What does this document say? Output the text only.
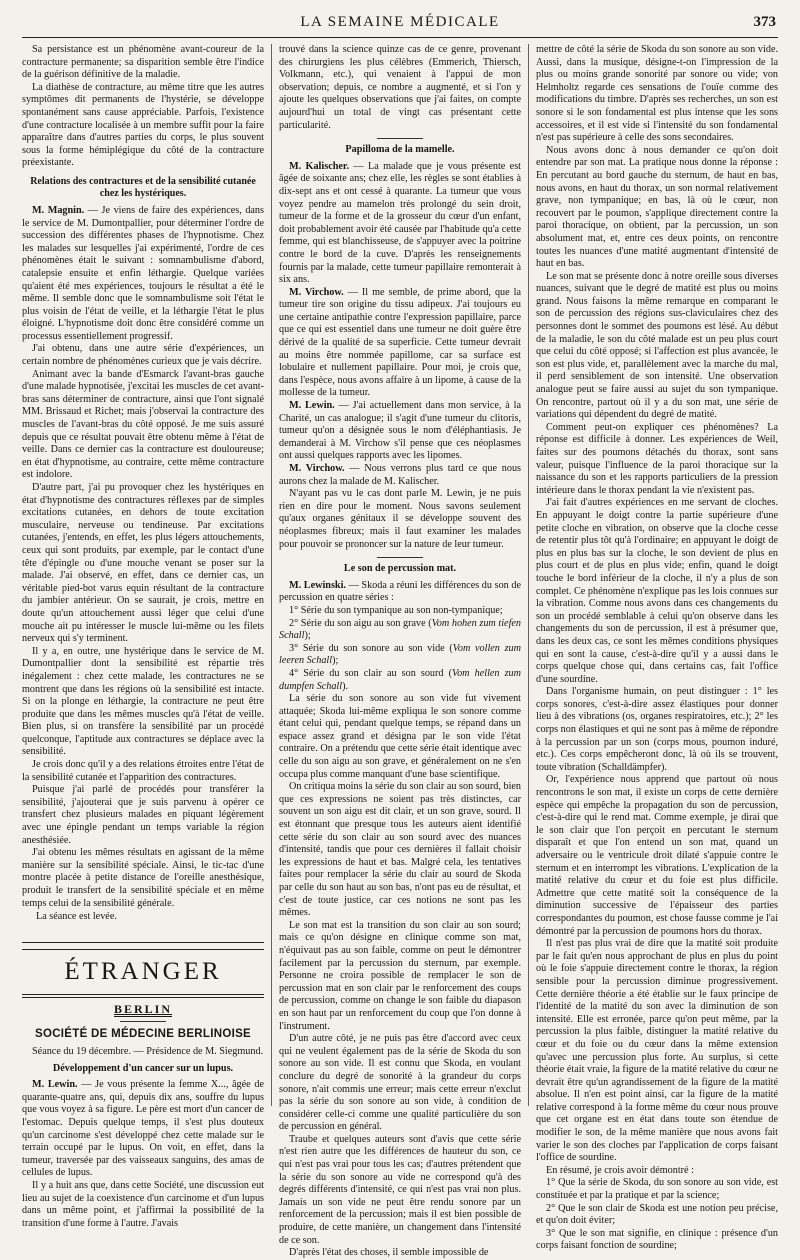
LA SEMAINE MÉDICALE	373

Sa persistance est un phénomène avant-coureur de la contracture permanente; sa disparition semble être l'indice de la guérison définitive de la maladie.

La diathèse de contracture, au même titre que les autres symptômes dit permanents de l'hystérie, se développe spontanément sans cause appréciable. Parfois, l'existence d'une contracture localisée à un membre suffit pour la faire apparaître dans d'autres parties du corps, le plus souvent sous la forme hémiplégique du côté de la contracture préexistante.

Relations des contractures et de la sensibilité cutanée chez les hystériques.

M. Magnin. — Je viens de faire des expériences, dans le service de M. Dumontpallier, pour déterminer l'ordre de succession des différentes phases de l'hypnotisme. Chez les malades sur lesquelles j'ai expérimenté, l'ordre de ces phénomènes était le suivant : somnambulisme d'abord, catalepsie ensuite et enfin léthargie. Quelque variées qu'aient été mes expériences, toujours le résultat a été le même. Il semble donc que le somnambulisme soit l'état le plus voisin de l'état de veille, et la léthargie l'état le plus éloigné. L'hypnotisme doit donc être considéré comme un processus essentiellement progressif.

J'ai obtenu, dans une autre série d'expériences, un certain nombre de phénomènes curieux que je vais décrire.

Animant avec la bande d'Esmarck l'avant-bras gauche d'une malade hypnotisée, j'excitai les muscles de cet avant-bras sans déterminer de contracture, ainsi que l'ont signalé MM. Brissaud et Richet; mais j'observai la contracture des muscles de l'avant-bras du côté opposé. Je me suis assuré depuis que ce résultat pouvait être obtenu même à l'état de veille. Dans ce dernier cas la contracture est douloureuse; en état d'hypnotisme, au contraire, cette même contracture est indolore.

D'autre part, j'ai pu provoquer chez les hystériques en état d'hypnotisme des contractures réflexes par de simples excitations cutanées, en dehors de toute excitation musculaire, nerveuse ou tendineuse. Par excitations cutanées, j'entends, en effet, les plus légers attouchements, ceux qui sont produits, par exemple, par le contact d'une tête d'épingle ou d'une mouche venant se poser sur la malade. J'ai observé, en effet, dans ce dernier cas, un véritable pied-bot varus equin résultant de la contracture du jambier antérieur. On se saurait, je crois, mettre en doute qu'un attouchement aussi léger que celui d'une mouche ait pu intéresser le muscle lui-même ou les filets nerveux qui s'y terminent.

Il y a, en outre, une hystérique dans le service de M. Dumontpallier dont la sensibilité est répartie très inégalement : chez cette malade, les contractures ne se montrent que dans les régions où la sensibilité est intacte. Si on la plonge en léthargie, la contracture ne peut être produite que dans les mêmes muscles qu'à l'état de veille. Bien plus, si on transfère la sensibilité par un procédé quelconque, l'aptitude aux contractures se déplace avec la sensibilité.

Je crois donc qu'il y a des relations étroites entre l'état de la sensibilité cutanée et l'apparition des contractures.

Puisque j'ai parlé de procédés pour transférer la sensibilité, j'ajouterai que je suis parvenu à opérer ce transfert chez plusieurs malades en piquant légèrement avec une épingle pendant un temps variable la région anesthésiée.

J'ai obtenu les mêmes résultats en agissant de la même manière sur la sensibilité spéciale. Ainsi, le tic-tac d'une montre placée à petite distance de l'oreille anesthésique, produit le transfert de la sensibilité spéciale et en même temps celui de la sensibilité générale.

La séance est levée.

ÉTRANGER
BERLIN
SOCIÉTÉ DE MÉDECINE BERLINOISE

Séance du 19 décembre. — Présidence de M. Siegmund.

Développement d'un cancer sur un lupus.

M. Lewin. — Je vous présente la femme X..., âgée de quarante-quatre ans, qui, depuis dix ans, souffre du lupus que vous voyez à sa figure. Le père est mort d'un cancer de l'estomac. Depuis quelque temps, il s'est plus douteux qu'un carcinome s'est développé chez cette malade sur le terrain occupé par le lupus. On voit, en effet, dans la tumeur, traversée par des vaisseaux sanguins, des amas de cellules de lupus.

Il y a huit ans que, dans cette Société, une discussion eut lieu au sujet de la coexistence d'un carcinome et d'un lupus dans un même point, et j'affirmai la possibilité de la transition d'une forme à l'autre. J'avais

trouvé dans la science quinze cas de ce genre, provenant des chirurgiens les plus célèbres (Emmerich, Thiersch, Volkmann, etc.), qui venaient à l'appui de mon observation; depuis, ce nombre a augmenté, et si l'on y ajoute les quelques observations que j'ai faites, on compte aujourd'hui un total de vingt cas présentant cette particularité.

Papilloma de la mamelle.

M. Kalischer. — La malade que je vous présente est âgée de soixante ans; chez elle, les règles se sont établies à dix-sept ans et ont cessé à quarante. La tumeur que vous voyez pendre au mamelon très prolongé du sein droit, tumeur de la forme et de la grosseur du cœur d'un enfant, doit probablement avoir été causée par l'habitude qu'a cette femme, qui est blanchisseuse, de s'appuyer avec la poitrine contre le bord de la cuve. D'après les renseignements fournis par la malade, cette tumeur papillaire remonterait à six ans.

M. Virchow. — Il me semble, de prime abord, que la tumeur tire son origine du tissu adipeux. J'ai toujours eu une certaine antipathie contre l'expression papillaire, parce que ce qui est essentiel dans une tumeur ne doit guère être dérivé de la qualité de sa superficie. Cette tumeur devrait au moins être nommée papillome, car sa surface est lobulaire et nullement papillaire. Pour moi, je crois que, dans l'espèce, nous avons affaire à un lipome, à cause de la mollesse de la tumeur.

M. Lewin. — J'ai actuellement dans mon service, à la Charité, un cas analogue; il s'agit d'une tumeur du clitoris, tumeur qu'on a désignée sous le nom d'éléphantiasis. Je demanderai à M. Virchow s'il pense que ces néoplasmes ont aussi quelques rapports avec les lipomes.

M. Virchow. — Nous verrons plus tard ce que nous aurons chez la malade de M. Kalischer.

N'ayant pas vu le cas dont parle M. Lewin, je ne puis rien en dire pour le moment. Nous savons seulement qu'aux organes génitaux il se développe souvent des néoplasmes fibreux; mais il faut examiner les malades pour pouvoir se prononcer sur la nature de leur tumeur.

Le son de percussion mat.

M. Lewinski. — Skoda a réuni les différences du son de percussion en quatre séries :

1° Série du son tympanique au son non-tympanique;
2° Série du son aigu au son grave (Vom hohen zum tiefen Schall);
3° Série du son sonore au son vide (Vom vollen zum leeren Schall);
4° Série du son clair au son sourd (Vom hellen zum dumpfen Schall).

La série du son sonore au son vide fut vivement attaquée; Skoda lui-même expliqua le son sonore comme étant celui qui, pendant quelque temps, se répand dans un espace assez grand et désigna par le son vide l'état contraire. On a prétendu que cette série était identique avec celle du son aigu au son grave, et généralement on ne s'en occupa plus comme manquant d'une base scientifique.

On critiqua moins la série du son clair au son sourd, bien que ces expressions ne soient pas très distinctes, car souvent un son aigu est dit clair, et un son grave, sourd. Il est étonnant que presque tous les auteurs aient identifié cette série du son clair au son sourd avec des nuances d'intensité, tandis que pour ces dernières il fallait choisir les expressions de haut et bas. Malgré cela, les tentatives faites pour remplacer la série du clair au sourd de Skoda par celle du son haut au son bas, n'ont pas eu de résultat, et c'est de toute justice, car ces notions ne sont pas les mêmes.

Le son mat est la transition du son clair au son sourd; mais ce qu'on désigne en clinique comme son mat, n'équivaut pas au son faible, comme on peut le démontrer facilement par la percussion du sternum, par exemple. Personne ne croira possible de remplacer le son de percussion mat en son clair par le renforcement des coups de percussion, comme on change le son faible du diapason en son haut par un renforcement du coup que l'on donne à l'instrument.

D'un autre côté, je ne puis pas être d'accord avec ceux qui ne veulent également pas de la série de Skoda du son sonore au son vide. Il est connu que Skoda, en voulant conclure du degré de sonorité à la grandeur du corps sonore, n'ait commis une erreur; mais cette erreur n'exclut pas la série du son sonore au son vide, à condition de considérer celle-ci comme une qualité particulière du son de percussion en général.

Traube et quelques auteurs sont d'avis que cette série n'est rien autre que les différences de hauteur du son, ce qui n'est pas vrai pour tous les cas; d'autres prétendent que la série du son sonore au vide ne correspond qu'à des degrés différents d'intensité, ce qui n'est pas vrai non plus. Jamais un son vide ne peut être rendu sonore par un renforcement de la percussion; mais il est bien possible de produire, de cette manière, un changement dans l'intensité de ce son.

D'après l'état des choses, il semble impossible de

mettre de côté la série de Skoda du son sonore au son vide. Aussi, dans la musique, désigne-t-on l'impression de la plus ou moins grande sonorité par sonore ou vide; von Helmholtz regarde ces sensations de l'ouïe comme des modifications du timbre. D'après ses recherches, un son est sonore si le son fondamental est plus intense que les sons accessoires, et il est vide si l'intensité du son fondamental n'est pas supérieure à celle des sons secondaires.

Nous avons donc à nous demander ce qu'on doit entendre par son mat. La pratique nous donne la réponse : En percutant au bord gauche du sternum, de haut en bas, nous avons, en haut du thorax, un son normal relativement grave, non tympanique; en bas, là où le cœur, non recouvert par le poumon, s'applique directement contre la paroi thoracique, on obtient, par la percussion, un son absolument mat, et, entre ces deux points, on rencontre toutes les nuances d'une matité augmentant d'intensité de haut en bas.

Le son mat se présente donc à notre oreille sous diverses nuances, suivant que le degré de matité est plus ou moins grand. Nous faisons la même remarque en comparant le son de percussion des régions sus-claviculaires chez des personnes dont le sommet des poumons est lésé. Au début de la maladie, le son du côté malade est un peu plus court que celui du côté opposé; si l'affection est plus avancée, le son est plus vide, et, parallèlement avec la marche du mal, il perd sensiblement de son intensité. Une observation analogue peut se faire aussi au sujet du son tympanique. On rencontre, partout où il y a du son mat, une série de variations qui dépendent du degré de matité.

Comment peut-on expliquer ces phénomènes? La réponse est difficile à donner. Les expériences de Weil, faites sur des poumons détachés du thorax, sont sans valeur, puisque l'influence de la paroi thoracique sur la naissance du son et les rapports particuliers de la pression intérieure dans le thorax pendant la vie n'existent pas.

J'ai fait d'autres expériences en me servant de cloches. En appuyant le doigt contre la partie supérieure d'une petite cloche en vibration, on observe que la cloche cesse de retentir plus tôt qu'à l'ordinaire; en appuyant le doigt de plus en plus bas sur la cloche, le son devient de plus en plus court et de plus en plus vide; enfin, quand le doigt touche le bord inférieur de la cloche, il n'y a plus de son complet. Ce phénomène n'explique pas les lois connues sur la vibration. Comme nous avons dans ces changements du son un procédé semblable à celui qu'on observe dans les changements du son de percussion, il est à présumer que, dans les deux cas, ce sont les mêmes conditions physiques qui en sont la cause, c'est-à-dire qu'il y a aussi dans le corps quelque chose qui, dans certains cas, fait l'office d'une sourdine.

Dans l'organisme humain, on peut distinguer : 1° les corps sonores, c'est-à-dire assez élastiques pour donner lieu à des vibrations (os, organes respiratoires, etc.); 2° les corps non élastiques et qui ne sont pas à même de répondre à la percussion par un son (corps mous, poumon induré, etc.). Ces corps empêcheront donc, là où ils se trouvent, toute vibration (Schalldämpfer).

Or, l'expérience nous apprend que partout où nous rencontrons le son mat, il existe un corps de cette dernière espèce qui empêche la propagation du son de percussion, c'est-à-dire qui le rend mat. Comme exemple, je dirai que le son clair que l'on perçoit en percutant le sternum disparaît et que l'on entend un son mat, quand un adversaire ou le ventricule droit dilaté s'appuie contre le sternum et en interrompt les vibrations. L'explication de la matité relative du cœur et du foie est plus difficile. Admettre que cette matité soit la conséquence de la diminution successive de l'épaisseur des parties correspondantes du poumon, est chose fausse comme je l'ai démontré par la percussion de poumons hors du thorax.

Il n'est pas plus vrai de dire que la matité soit produite par le fait qu'en nous approchant de plus en plus du point où le foie s'appuie directement contre le thorax, la région sensible pour la percussion diminue progressivement. Cette dernière théorie a été établie sur le faux principe de l'identité de la matité du son avec la diminution de son intensité. Elle est erronée, parce qu'on peut même, par la percussion la plus faible, distinguer la matité relative du cœur et du foie ou du cœur dans la même extension qu'avec une percussion plus forte. Au surplus, si cette théorie était vraie, la figure de la matité relative du cœur ne devrait être qu'un agrandissement de la figure de la matité absolue. Il n'en est point ainsi, car la figure de la matité relative correspond à la forme même du cœur nous prouve que cet organe est en état dans toute son étendue de modifier le son, de la même manière que nous avons fait varier le son des cloches par l'application de corps faisant l'office de sourdine.

En résumé, je crois avoir démontré :

1° Que la série de Skoda, du son sonore au son vide, est constituée et par la pratique et par la science;

2° Que le son clair de Skoda est une notion peu précise, et qu'on doit éviter;

3° Que le son mat signifie, en clinique : présence d'un corps faisant fonction de sourdine;
